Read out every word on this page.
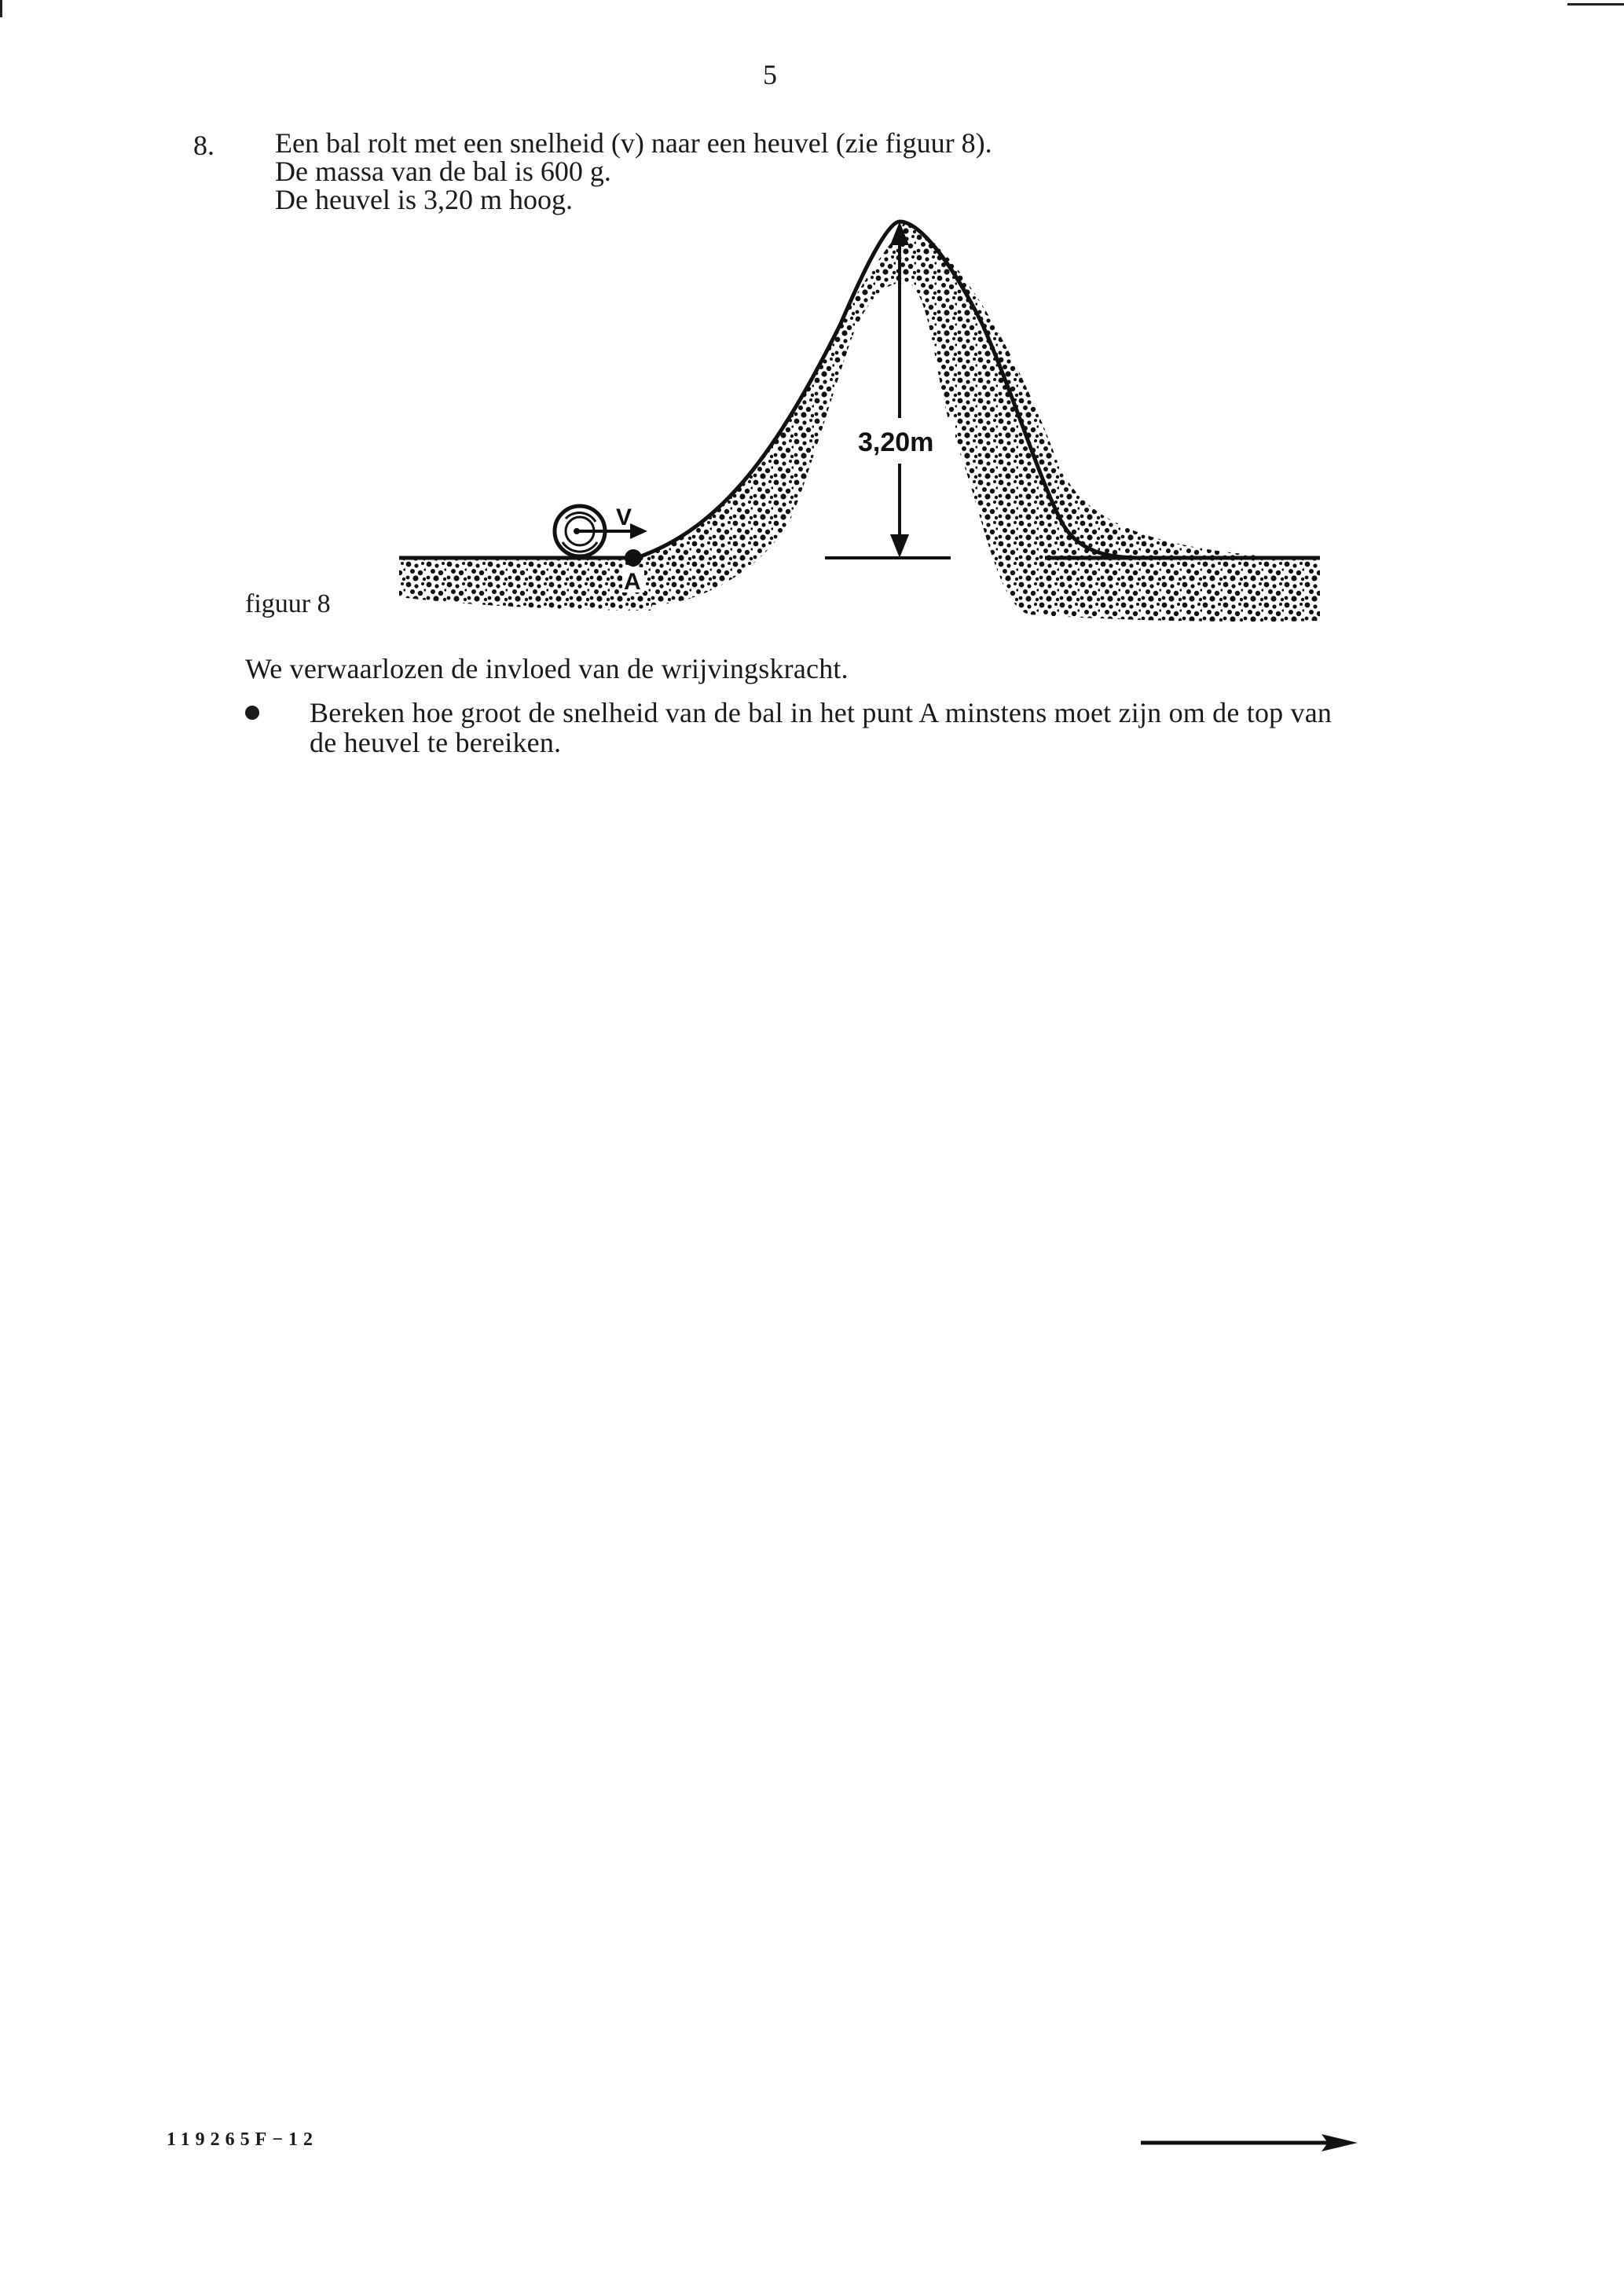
5
8. Een bal rolt met een snelheid (v) naar een heuvel (zie figuur 8).
De massa van de bal is 600 g.
De heuvel is 3,20 m hoog.
3,20m
V
A
figuur 8
We verwaarlozen de invloed van de wrijvingskracht.
Bereken hoe groot de snelheid van de bal in het punt A minstens moet zijn om de top van de heuvel te bereiken.
119265F−12
